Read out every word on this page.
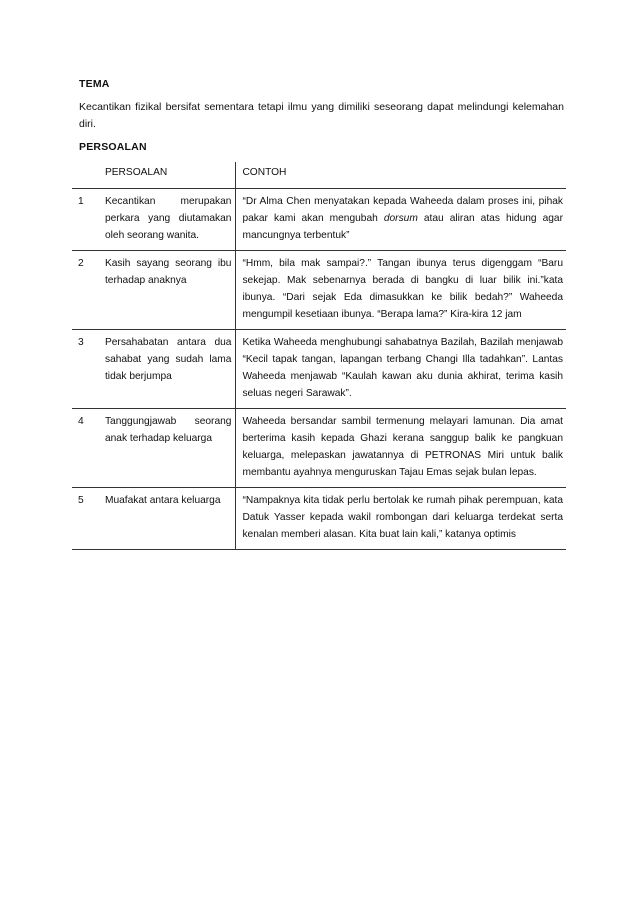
TEMA
Kecantikan fizikal bersifat sementara tetapi ilmu yang dimiliki seseorang dapat melindungi kelemahan diri.
PERSOALAN
	PERSOALAN	CONTOH
1	Kecantikan merupakan perkara yang diutamakan oleh seorang wanita.	“Dr Alma Chen menyatakan kepada Waheeda dalam proses ini, pihak pakar kami akan mengubah dorsum atau aliran atas hidung agar mancungnya terbentuk”
2	Kasih sayang seorang ibu terhadap anaknya	“Hmm, bila mak sampai?.” Tangan ibunya terus digenggam “Baru sekejap. Mak sebenarnya berada di bangku di luar bilik ini.”kata ibunya. “Dari sejak Eda dimasukkan ke bilik bedah?” Waheeda mengumpil kesetiaan ibunya. “Berapa lama?” Kira-kira 12 jam
3	Persahabatan antara dua sahabat yang sudah lama tidak berjumpa	Ketika Waheeda menghubungi sahabatnya Bazilah, Bazilah menjawab “Kecil tapak tangan, lapangan terbang Changi Illa tadahkan”. Lantas Waheeda menjawab “Kaulah kawan aku dunia akhirat, terima kasih seluas negeri Sarawak”.
4	Tanggungjawab seorang anak terhadap keluarga	Waheeda bersandar sambil termenung melayari lamunan. Dia amat berterima kasih kepada Ghazi kerana sanggup balik ke pangkuan keluarga, melepaskan jawatannya di PETRONAS Miri untuk balik membantu ayahnya menguruskan Tajau Emas sejak bulan lepas.
5	Muafakat antara keluarga	“Nampaknya kita tidak perlu bertolak ke rumah pihak perempuan, kata Datuk Yasser kepada wakil rombongan dari keluarga terdekat serta kenalan memberi alasan. Kita buat lain kali,” katanya optimis
